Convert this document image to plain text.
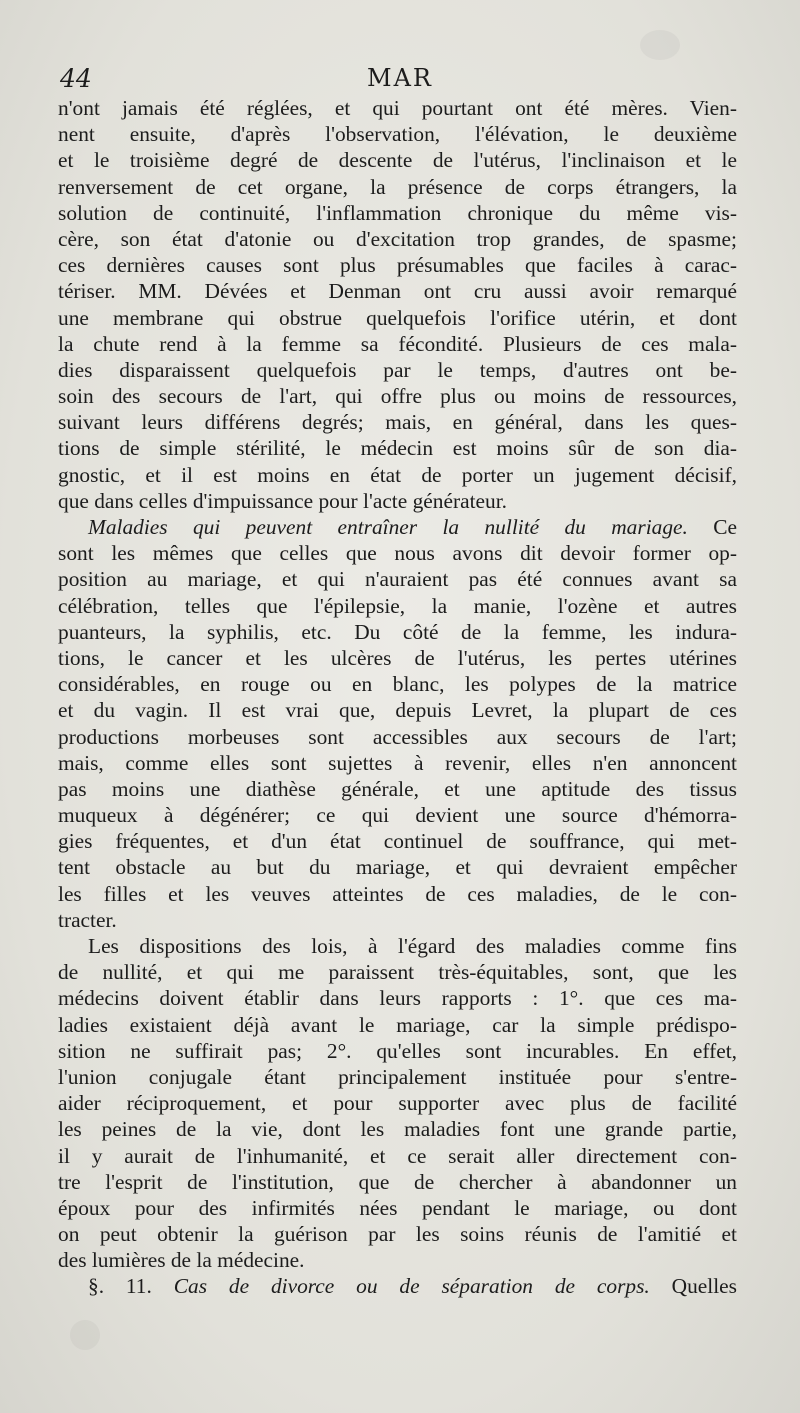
44	MAR
n'ont jamais été réglées, et qui pourtant ont été mères. Vien-
nent ensuite, d'après l'observation, l'élévation, le deuxième
et le troisième degré de descente de l'utérus, l'inclinaison et le
renversement de cet organe, la présence de corps étrangers, la
solution de continuité, l'inflammation chronique du même vis-
cère, son état d'atonie ou d'excitation trop grandes, de spasme;
ces dernières causes sont plus présumables que faciles à carac-
tériser. MM. Dévées et Denman ont cru aussi avoir remarqué
une membrane qui obstrue quelquefois l'orifice utérin, et dont
la chute rend à la femme sa fécondité. Plusieurs de ces mala-
dies disparaissent quelquefois par le temps, d'autres ont be-
soin des secours de l'art, qui offre plus ou moins de ressources,
suivant leurs différens degrés; mais, en général, dans les ques-
tions de simple stérilité, le médecin est moins sûr de son dia-
gnostic, et il est moins en état de porter un jugement décisif,
que dans celles d'impuissance pour l'acte générateur.
Maladies qui peuvent entraîner la nullité du mariage. Ce
sont les mêmes que celles que nous avons dit devoir former op-
position au mariage, et qui n'auraient pas été connues avant sa
célébration, telles que l'épilepsie, la manie, l'ozène et autres
puanteurs, la syphilis, etc. Du côté de la femme, les indura-
tions, le cancer et les ulcères de l'utérus, les pertes utérines
considérables, en rouge ou en blanc, les polypes de la matrice
et du vagin. Il est vrai que, depuis Levret, la plupart de ces
productions morbeuses sont accessibles aux secours de l'art;
mais, comme elles sont sujettes à revenir, elles n'en annoncent
pas moins une diathèse générale, et une aptitude des tissus
muqueux à dégénérer; ce qui devient une source d'hémorra-
gies fréquentes, et d'un état continuel de souffrance, qui met-
tent obstacle au but du mariage, et qui devraient empêcher
les filles et les veuves atteintes de ces maladies, de le con-
tracter.
Les dispositions des lois, à l'égard des maladies comme fins
de nullité, et qui me paraissent très-équitables, sont, que les
médecins doivent établir dans leurs rapports : 1°. que ces ma-
ladies existaient déjà avant le mariage, car la simple prédispo-
sition ne suffirait pas; 2°. qu'elles sont incurables. En effet,
l'union conjugale étant principalement instituée pour s'entre-
aider réciproquement, et pour supporter avec plus de facilité
les peines de la vie, dont les maladies font une grande partie,
il y aurait de l'inhumanité, et ce serait aller directement con-
tre l'esprit de l'institution, que de chercher à abandonner un
époux pour des infirmités nées pendant le mariage, ou dont
on peut obtenir la guérison par les soins réunis de l'amitié et
des lumières de la médecine.
§. 11. Cas de divorce ou de séparation de corps. Quelles
